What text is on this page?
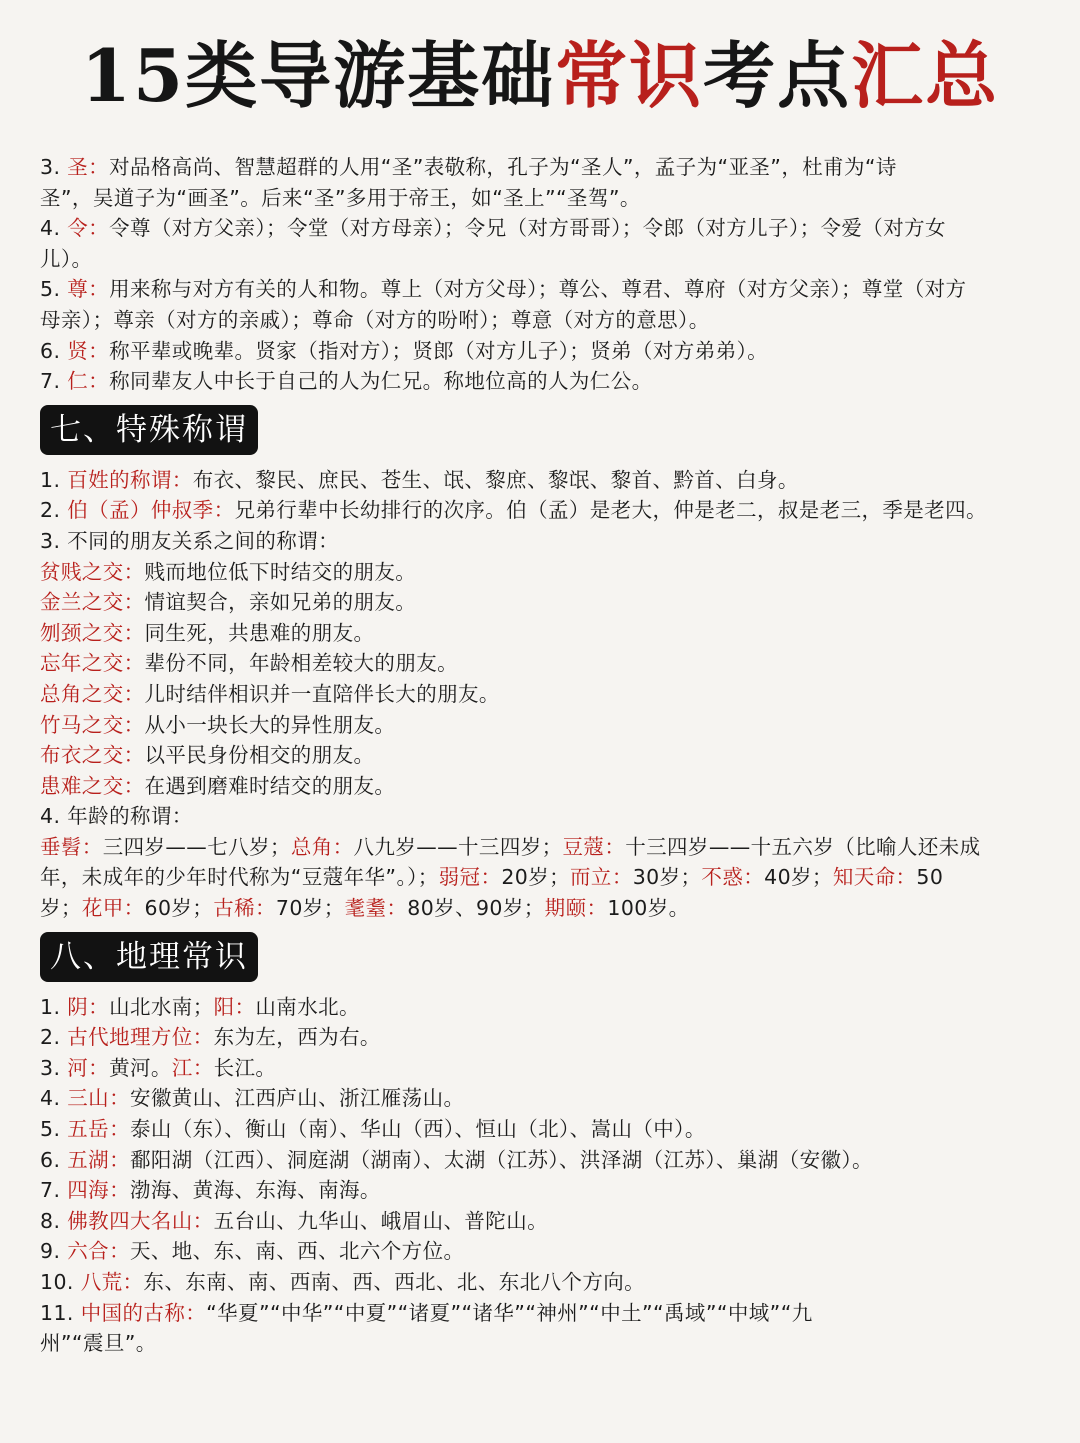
15类导游基础常识考点汇总
3. 圣：对品格高尚、智慧超群的人用“圣”表敬称，孔子为“圣人”，孟子为“亚圣”，杜甫为“诗
圣”，吴道子为“画圣”。后来“圣”多用于帝王，如“圣上”“圣驾”。
4. 令：令尊（对方父亲）；令堂（对方母亲）；令兄（对方哥哥）；令郎（对方儿子）；令爱（对方女
儿）。
5. 尊：用来称与对方有关的人和物。尊上（对方父母）；尊公、尊君、尊府（对方父亲）；尊堂（对方
母亲）；尊亲（对方的亲戚）；尊命（对方的吩咐）；尊意（对方的意思）。
6. 贤：称平辈或晚辈。贤家（指对方）；贤郎（对方儿子）；贤弟（对方弟弟）。
7. 仁：称同辈友人中长于自己的人为仁兄。称地位高的人为仁公。
七、特殊称谓
1. 百姓的称谓：布衣、黎民、庶民、苍生、氓、黎庶、黎氓、黎首、黔首、白身。
2. 伯（孟）仲叔季：兄弟行辈中长幼排行的次序。伯（孟）是老大，仲是老二，叔是老三，季是老四。
3. 不同的朋友关系之间的称谓：
贫贱之交：贱而地位低下时结交的朋友。
金兰之交：情谊契合，亲如兄弟的朋友。
刎颈之交：同生死，共患难的朋友。
忘年之交：辈份不同，年龄相差较大的朋友。
总角之交：儿时结伴相识并一直陪伴长大的朋友。
竹马之交：从小一块长大的异性朋友。
布衣之交：以平民身份相交的朋友。
患难之交：在遇到磨难时结交的朋友。
4. 年龄的称谓：
垂髫：三四岁——七八岁；总角：八九岁——十三四岁；豆蔻：十三四岁——十五六岁（比喻人还未成
年，未成年的少年时代称为“豆蔻年华”。）；弱冠：20岁；而立：30岁；不惑：40岁；知天命：50
岁；花甲：60岁；古稀：70岁；耄耋：80岁、90岁；期颐：100岁。
八、地理常识
1. 阴：山北水南；阳：山南水北。
2. 古代地理方位：东为左，西为右。
3. 河：黄河。江：长江。
4. 三山：安徽黄山、江西庐山、浙江雁荡山。
5. 五岳：泰山（东）、衡山（南）、华山（西）、恒山（北）、嵩山（中）。
6. 五湖：鄱阳湖（江西）、洞庭湖（湖南）、太湖（江苏）、洪泽湖（江苏）、巢湖（安徽）。
7. 四海：渤海、黄海、东海、南海。
8. 佛教四大名山：五台山、九华山、峨眉山、普陀山。
9. 六合：天、地、东、南、西、北六个方位。
10. 八荒：东、东南、南、西南、西、西北、北、东北八个方向。
11. 中国的古称：“华夏”“中华”“中夏”“诸夏”“诸华”“神州”“中土”“禹域”“中域”“九
州”“震旦”。
